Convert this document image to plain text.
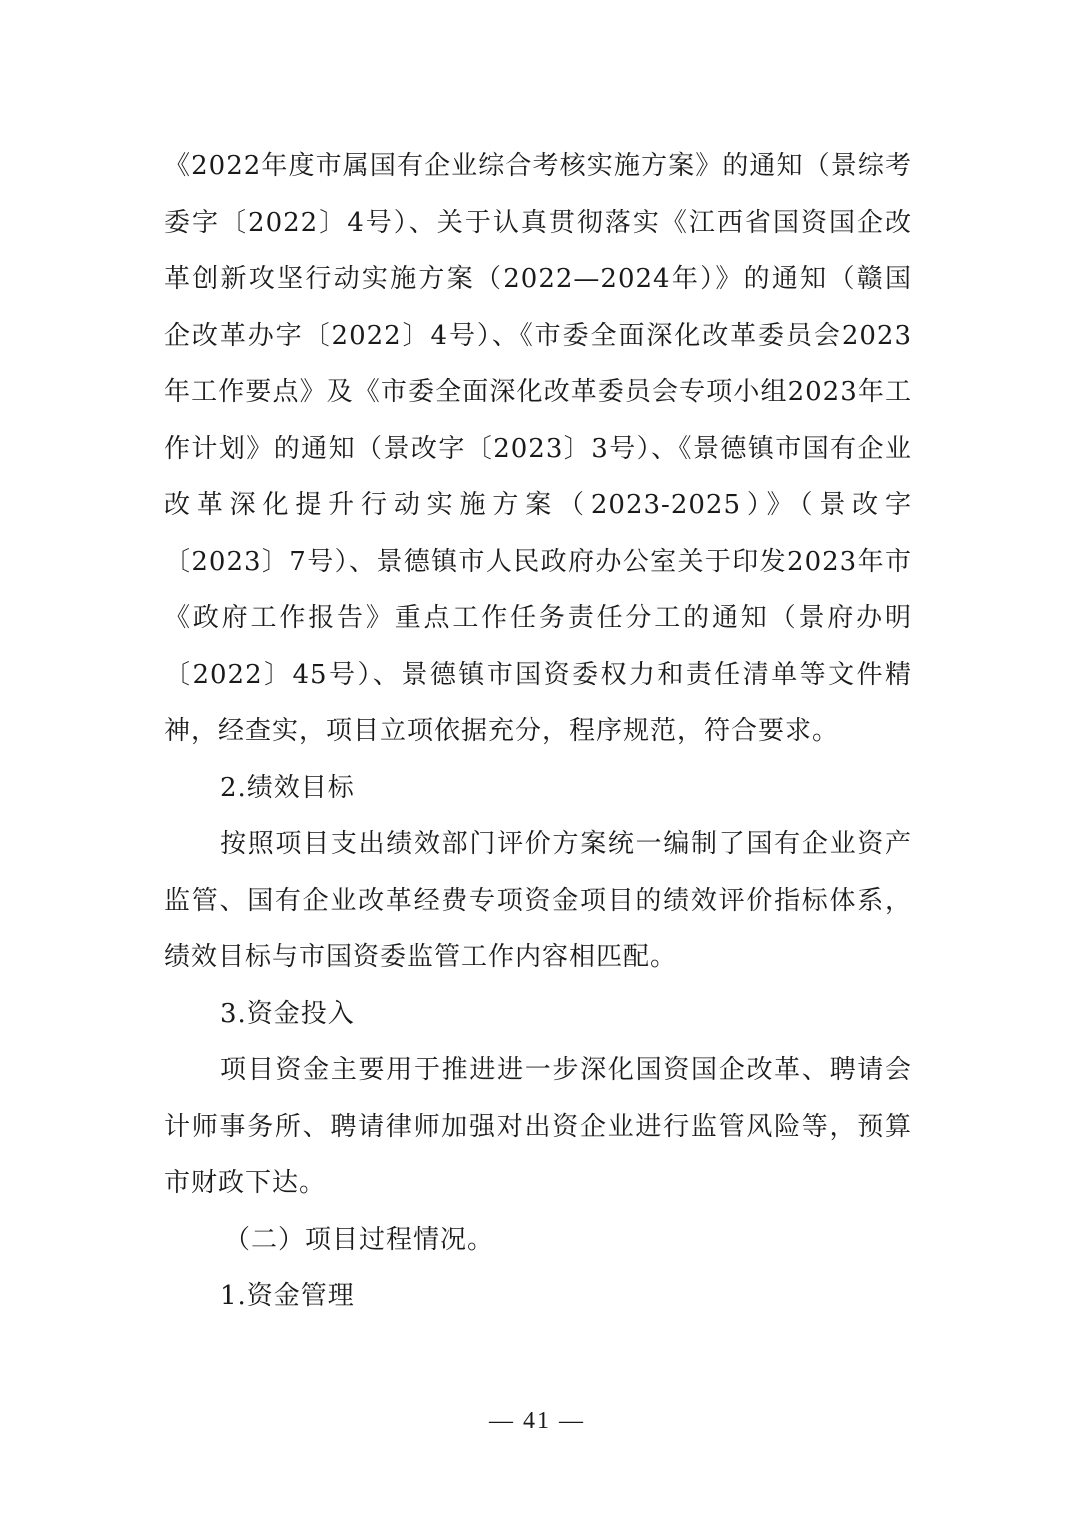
《2022年度市属国有企业综合考核实施方案》的通知（景综考委字〔2022〕4号）、关于认真贯彻落实《江西省国资国企改革创新攻坚行动实施方案（2022—2024年）》的通知（赣国企改革办字〔2022〕4号）、《市委全面深化改革委员会2023年工作要点》及《市委全面深化改革委员会专项小组2023年工作计划》的通知（景改字〔2023〕3号）、《景德镇市国有企业改革深化提升行动实施方案（2023-2025）》（景改字〔2023〕7号）、景德镇市人民政府办公室关于印发2023年市《政府工作报告》重点工作任务责任分工的通知（景府办明〔2022〕45号）、景德镇市国资委权力和责任清单等文件精神，经查实，项目立项依据充分，程序规范，符合要求。

2.绩效目标

按照项目支出绩效部门评价方案统一编制了国有企业资产监管、国有企业改革经费专项资金项目的绩效评价指标体系，绩效目标与市国资委监管工作内容相匹配。

3.资金投入

项目资金主要用于推进进一步深化国资国企改革、聘请会计师事务所、聘请律师加强对出资企业进行监管风险等，预算市财政下达。

（二）项目过程情况。

1.资金管理

— 41 —
